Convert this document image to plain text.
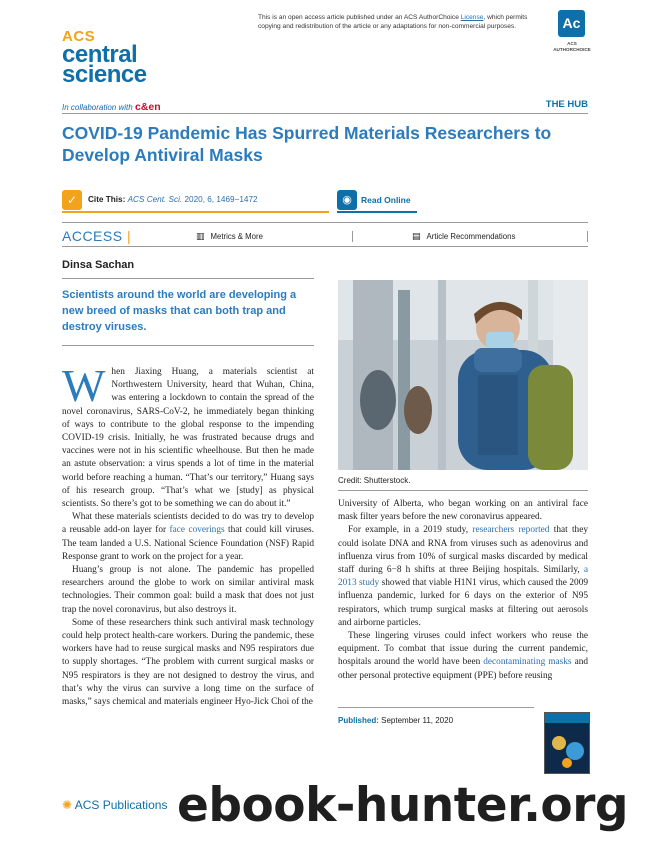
ACS
central
science
This is an open access article published under an ACS AuthorChoice License, which permits copying and redistribution of the article or any adaptations for non-commercial purposes.	Ac
ACS
AUTHORCHOICE
In collaboration with c&en	THE HUB
COVID-19 Pandemic Has Spurred Materials Researchers to Develop Antiviral Masks
✓	Cite This: ACS Cent. Sci. 2020, 6, 1469−1472	◉	Read Online
ACCESS |	▥ Metrics & More	▤ Article Recommendations
Dinsa Sachan
Scientists around the world are developing a new breed of masks that can both trap and destroy viruses.

When Jiaxing Huang, a materials scientist at Northwestern University, heard that Wuhan, China, was entering a lockdown to contain the spread of the novel coronavirus, SARS-CoV-2, he immediately began thinking of ways to contribute to the global response to the impending COVID-19 crisis. Initially, he was frustrated because drugs and vaccines were not in his scientific wheelhouse. But then he made an astute observation: a virus spends a lot of time in the material world before reaching a human. “That’s our territory,” Huang says of his research group. “That’s what we [study] as physical scientists. So there’s got to be something we can do about it.”

What these materials scientists decided to do was try to develop a reusable add-on layer for face coverings that could kill viruses. The team landed a U.S. National Science Foundation (NSF) Rapid Response grant to work on the project for a year.

Huang’s group is not alone. The pandemic has propelled researchers around the globe to work on similar antiviral mask technologies. Their common goal: build a mask that does not just trap the novel coronavirus, but also destroys it.

Some of these researchers think such antiviral mask technology could help protect health-care workers. During the pandemic, these workers have had to reuse surgical masks and N95 respirators due to supply shortages. “The problem with current surgical masks or N95 respirators is they are not designed to destroy the virus, and that’s why the virus can survive a long time on the surface of masks,” says chemical and materials engineer Hyo-Jick Choi of the

Credit: Shutterstock.

University of Alberta, who began working on an antiviral face mask filter years before the new coronavirus appeared.

For example, in a 2019 study, researchers reported that they could isolate DNA and RNA from viruses such as adenovirus and influenza virus from 10% of surgical masks discarded by medical staff during 6−8 h shifts at three Beijing hospitals. Similarly, a 2013 study showed that viable H1N1 virus, which caused the 2009 influenza pandemic, lurked for 6 days on the exterior of N95 respirators, which trump surgical masks at filtering out aerosols and airborne particles.

These lingering viruses could infect workers who reuse the equipment. To combat that issue during the current pandemic, hospitals around the world have been decontaminating masks and other personal protective equipment (PPE) before reusing

Published: September 11, 2020
✺ ACS Publications ebook-hunter.org
